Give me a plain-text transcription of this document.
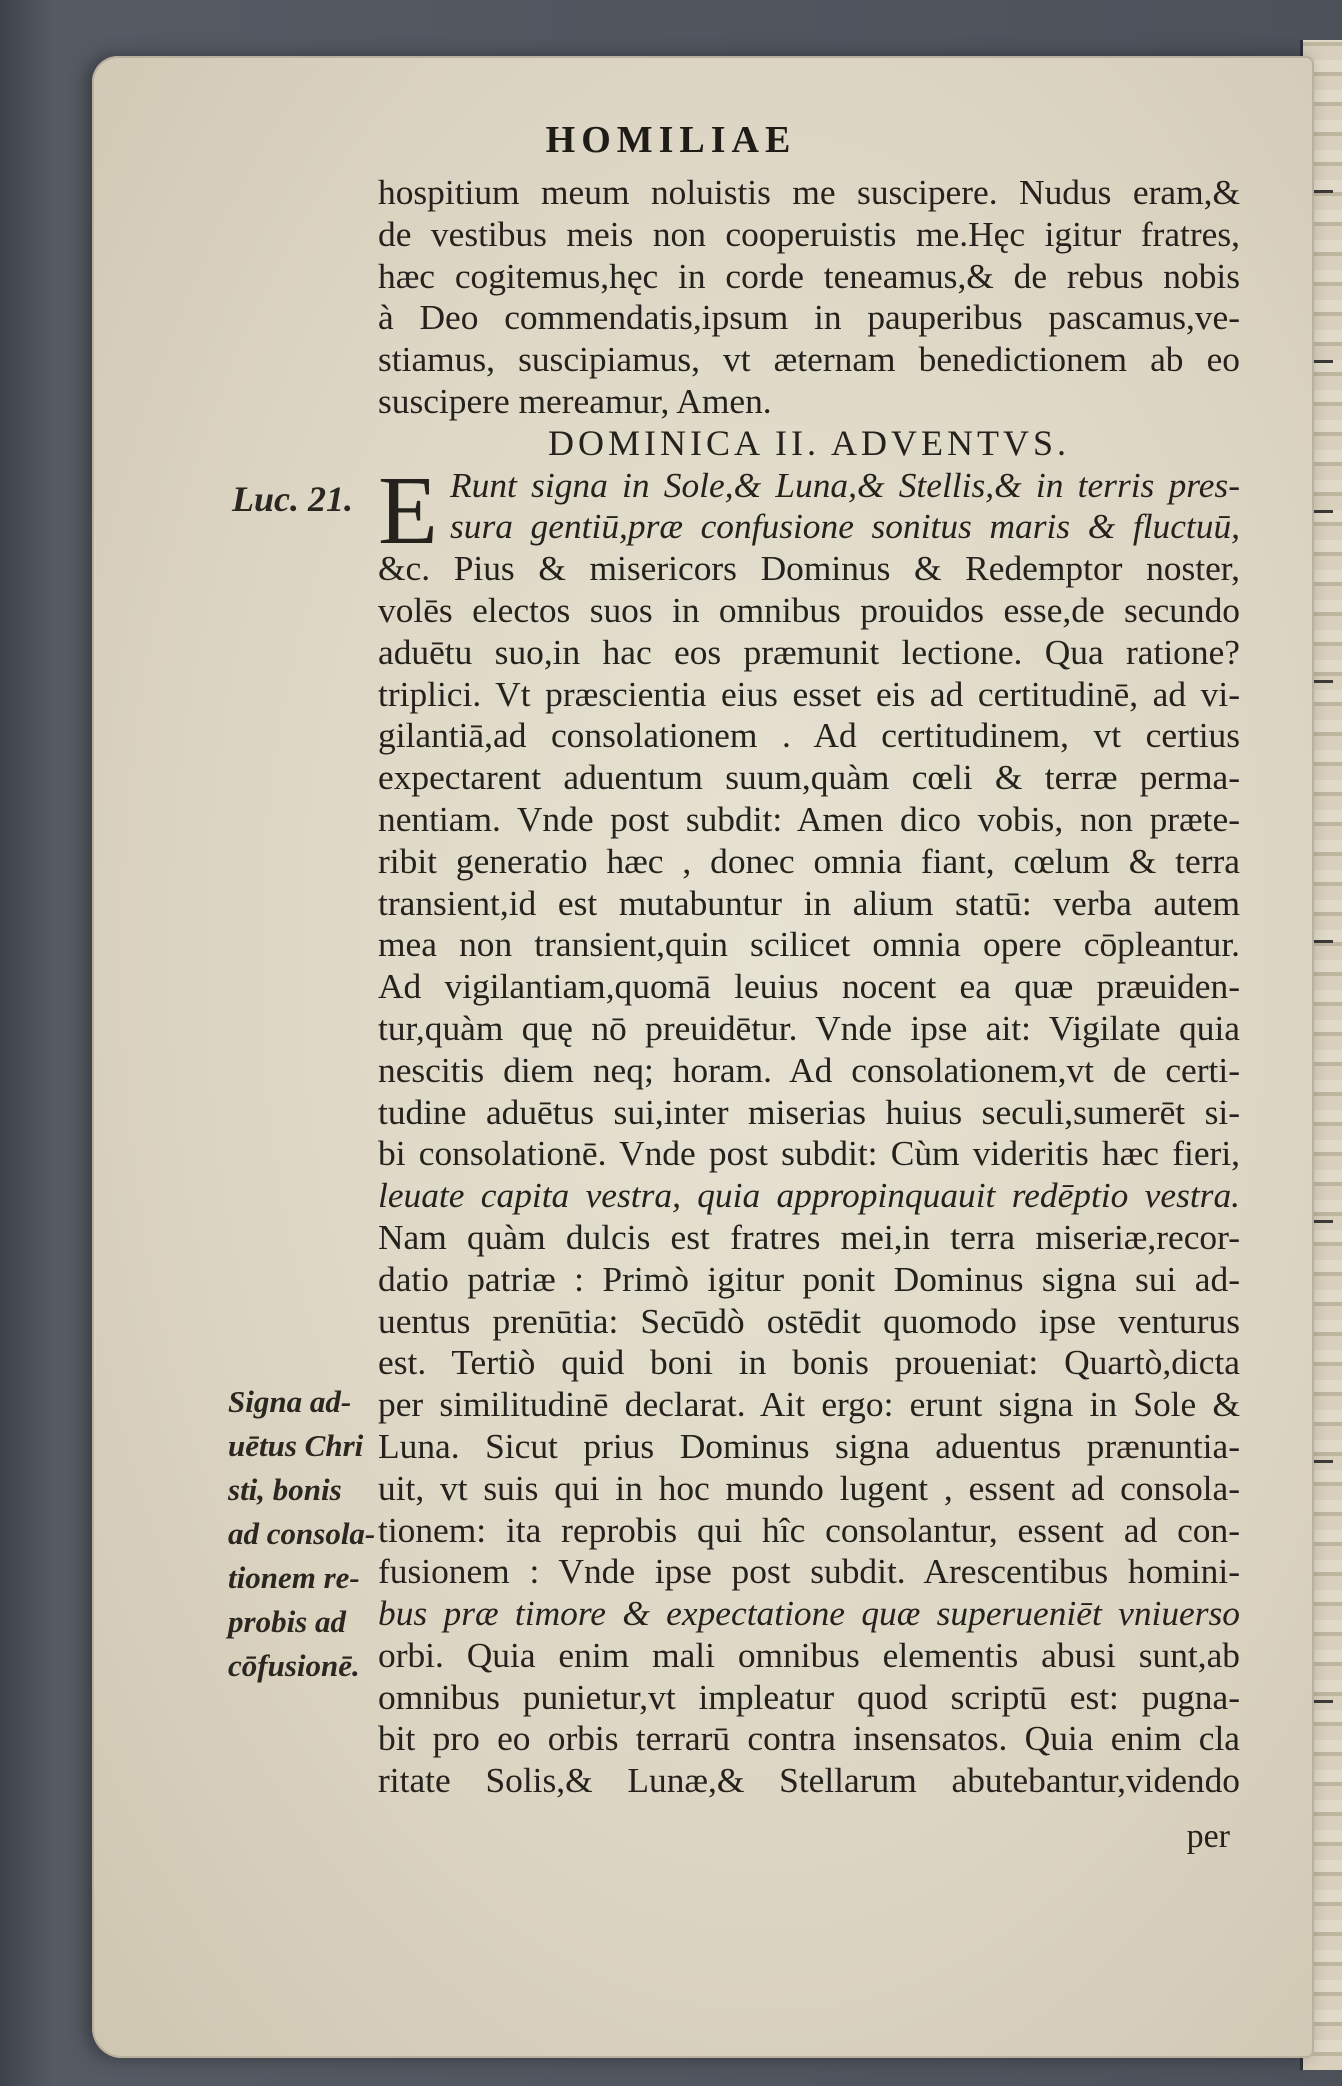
HOMILIAE
Luc. 21.
Signa ad-
uētus Chri
sti, bonis
ad consola-
tionem re-
probis ad
cōfusionē.
hospitium meum noluistis me suscipere. Nudus eram,&
de vestibus meis non cooperuistis me.Hęc igitur fratres,
hæc cogitemus,hęc in corde teneamus,& de rebus nobis
à Deo commendatis,ipsum in pauperibus pascamus,ve-
stiamus, suscipiamus, vt æternam benedictionem ab eo
suscipere mereamur, Amen.
DOMINICA II. ADVENTVS.
E Runt signa in Sole,& Luna,& Stellis,& in terris pres-
sura gentiū,præ confusione sonitus maris & fluctuū,
&c. Pius & misericors Dominus & Redemptor noster,
volēs electos suos in omnibus prouidos esse,de secundo
aduētu suo,in hac eos præmunit lectione. Qua ratione?
triplici. Vt præscientia eius esset eis ad certitudinē, ad vi-
gilantiā,ad consolationem . Ad certitudinem, vt certius
expectarent aduentum suum,quàm cœli & terræ perma-
nentiam. Vnde post subdit: Amen dico vobis, non præte-
ribit generatio hæc , donec omnia fiant, cœlum & terra
transient,id est mutabuntur in alium statū: verba autem
mea non transient,quin scilicet omnia opere cōpleantur.
Ad vigilantiam,quomā leuius nocent ea quæ præuiden-
tur,quàm quę nō preuidētur. Vnde ipse ait: Vigilate quia
nescitis diem neq; horam. Ad consolationem,vt de certi-
tudine aduētus sui,inter miserias huius seculi,sumerēt si-
bi consolationē. Vnde post subdit: Cùm videritis hæc fieri,
leuate capita vestra, quia appropinquauit redēptio vestra.
Nam quàm dulcis est fratres mei,in terra miseriæ,recor-
datio patriæ : Primò igitur ponit Dominus signa sui ad-
uentus prenūtia: Secūdò ostēdit quomodo ipse venturus
est. Tertiò quid boni in bonis proueniat: Quartò,dicta
per similitudinē declarat. Ait ergo: erunt signa in Sole &
Luna. Sicut prius Dominus signa aduentus prænuntia-
uit, vt suis qui in hoc mundo lugent , essent ad consola-
tionem: ita reprobis qui hîc consolantur, essent ad con-
fusionem : Vnde ipse post subdit. Arescentibus homini-
bus præ timore & expectatione quæ superueniēt vniuerso
orbi. Quia enim mali omnibus elementis abusi sunt,ab
omnibus punietur,vt impleatur quod scriptū est: pugna-
bit pro eo orbis terrarū contra insensatos. Quia enim cla
ritate Solis,& Lunæ,& Stellarum abutebantur,videndo
per
